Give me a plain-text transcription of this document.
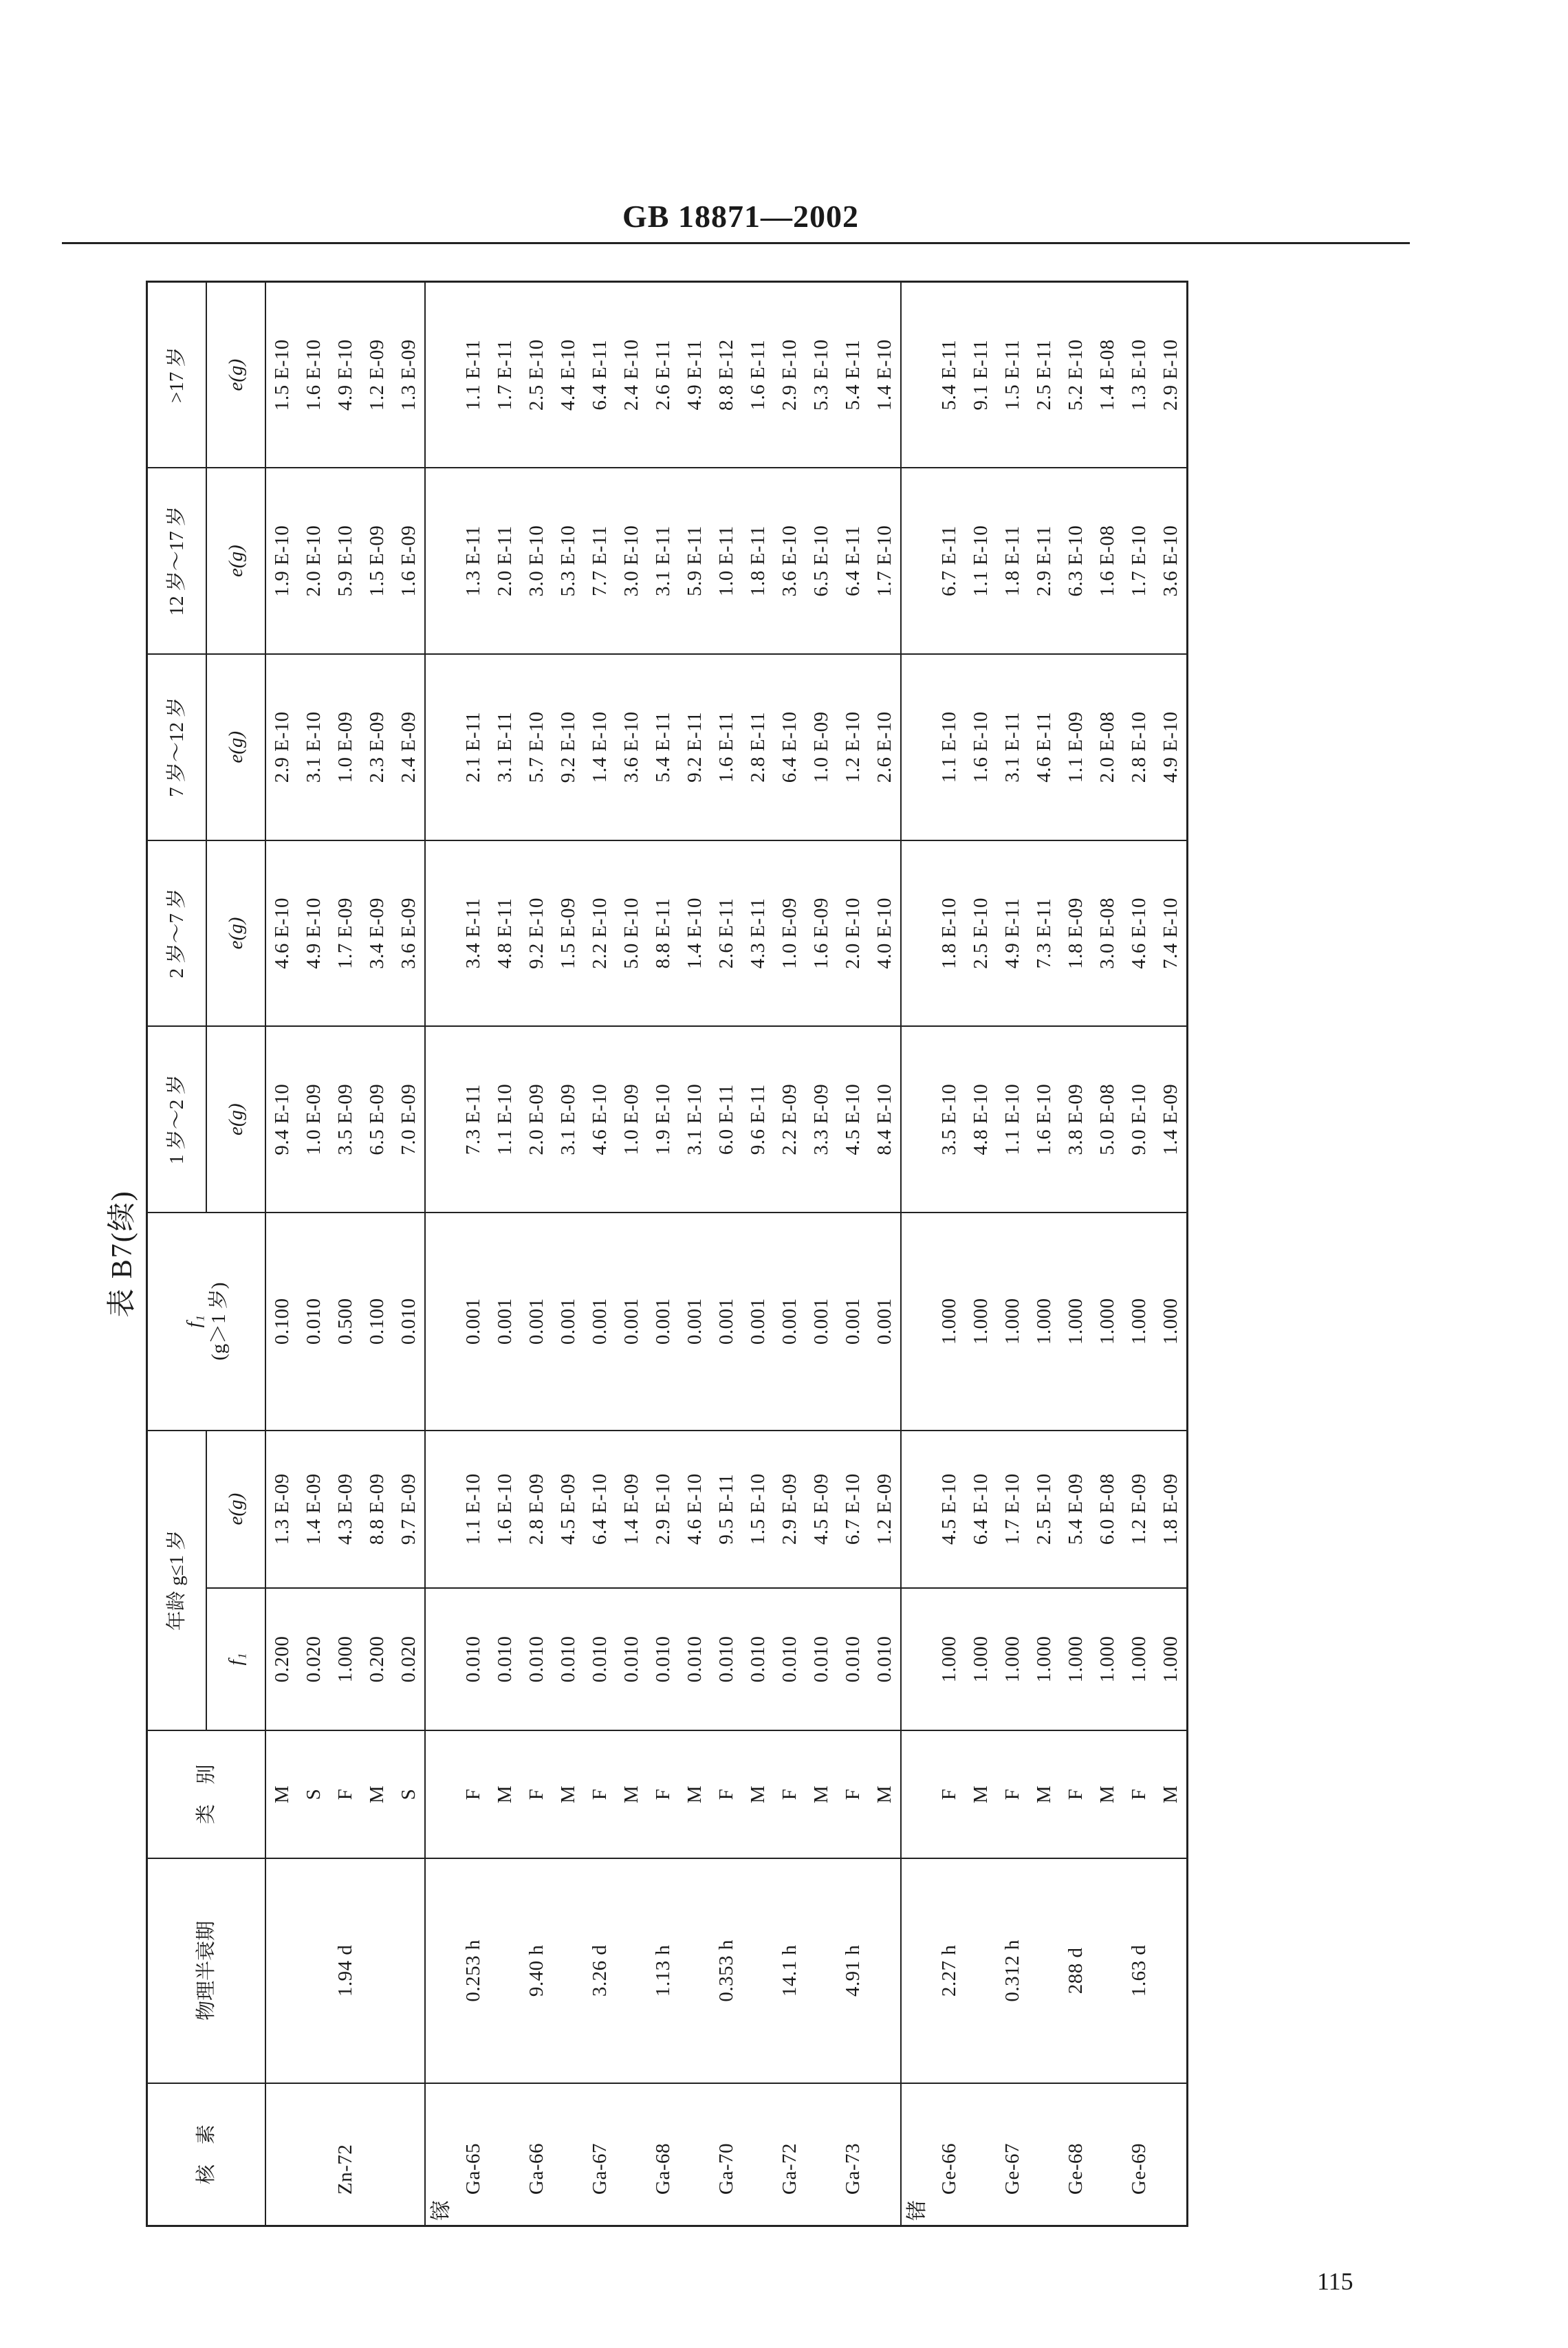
GB 18871—2002
表 B7(续)
核　素	物理半衰期	类　别	年龄 g≤1 岁		f₁ (g＞1 岁)	1 岁～2 岁	2 岁～7 岁	7 岁～12 岁	12 岁～17 岁	>17 岁
			f₁	e(g)		e(g)	e(g)	e(g)	e(g)	e(g)
		M	0.200	1.3 E-09	0.100	9.4 E-10	4.6 E-10	2.9 E-10	1.9 E-10	1.5 E-10
		S	0.020	1.4 E-09	0.010	1.0 E-09	4.9 E-10	3.1 E-10	2.0 E-10	1.6 E-10
Zn-72	1.94 d	F	1.000	4.3 E-09	0.500	3.5 E-09	1.7 E-09	1.0 E-09	5.9 E-10	4.9 E-10
		M	0.200	8.8 E-09	0.100	6.5 E-09	3.4 E-09	2.3 E-09	1.5 E-09	1.2 E-09
		S	0.020	9.7 E-09	0.010	7.0 E-09	3.6 E-09	2.4 E-09	1.6 E-09	1.3 E-09
镓										
Ga-65	0.253 h	F	0.010	1.1 E-10	0.001	7.3 E-11	3.4 E-11	2.1 E-11	1.3 E-11	1.1 E-11
		M	0.010	1.6 E-10	0.001	1.1 E-10	4.8 E-11	3.1 E-11	2.0 E-11	1.7 E-11
Ga-66	9.40 h	F	0.010	2.8 E-09	0.001	2.0 E-09	9.2 E-10	5.7 E-10	3.0 E-10	2.5 E-10
		M	0.010	4.5 E-09	0.001	3.1 E-09	1.5 E-09	9.2 E-10	5.3 E-10	4.4 E-10
Ga-67	3.26 d	F	0.010	6.4 E-10	0.001	4.6 E-10	2.2 E-10	1.4 E-10	7.7 E-11	6.4 E-11
		M	0.010	1.4 E-09	0.001	1.0 E-09	5.0 E-10	3.6 E-10	3.0 E-10	2.4 E-10
Ga-68	1.13 h	F	0.010	2.9 E-10	0.001	1.9 E-10	8.8 E-11	5.4 E-11	3.1 E-11	2.6 E-11
		M	0.010	4.6 E-10	0.001	3.1 E-10	1.4 E-10	9.2 E-11	5.9 E-11	4.9 E-11
Ga-70	0.353 h	F	0.010	9.5 E-11	0.001	6.0 E-11	2.6 E-11	1.6 E-11	1.0 E-11	8.8 E-12
		M	0.010	1.5 E-10	0.001	9.6 E-11	4.3 E-11	2.8 E-11	1.8 E-11	1.6 E-11
Ga-72	14.1 h	F	0.010	2.9 E-09	0.001	2.2 E-09	1.0 E-09	6.4 E-10	3.6 E-10	2.9 E-10
		M	0.010	4.5 E-09	0.001	3.3 E-09	1.6 E-09	1.0 E-09	6.5 E-10	5.3 E-10
Ga-73	4.91 h	F	0.010	6.7 E-10	0.001	4.5 E-10	2.0 E-10	1.2 E-10	6.4 E-11	5.4 E-11
		M	0.010	1.2 E-09	0.001	8.4 E-10	4.0 E-10	2.6 E-10	1.7 E-10	1.4 E-10
锗										
Ge-66	2.27 h	F	1.000	4.5 E-10	1.000	3.5 E-10	1.8 E-10	1.1 E-10	6.7 E-11	5.4 E-11
		M	1.000	6.4 E-10	1.000	4.8 E-10	2.5 E-10	1.6 E-10	1.1 E-10	9.1 E-11
Ge-67	0.312 h	F	1.000	1.7 E-10	1.000	1.1 E-10	4.9 E-11	3.1 E-11	1.8 E-11	1.5 E-11
		M	1.000	2.5 E-10	1.000	1.6 E-10	7.3 E-11	4.6 E-11	2.9 E-11	2.5 E-11
Ge-68	288 d	F	1.000	5.4 E-09	1.000	3.8 E-09	1.8 E-09	1.1 E-09	6.3 E-10	5.2 E-10
		M	1.000	6.0 E-08	1.000	5.0 E-08	3.0 E-08	2.0 E-08	1.6 E-08	1.4 E-08
Ge-69	1.63 d	F	1.000	1.2 E-09	1.000	9.0 E-10	4.6 E-10	2.8 E-10	1.7 E-10	1.3 E-10
		M	1.000	1.8 E-09	1.000	1.4 E-09	7.4 E-10	4.9 E-10	3.6 E-10	2.9 E-10
115
